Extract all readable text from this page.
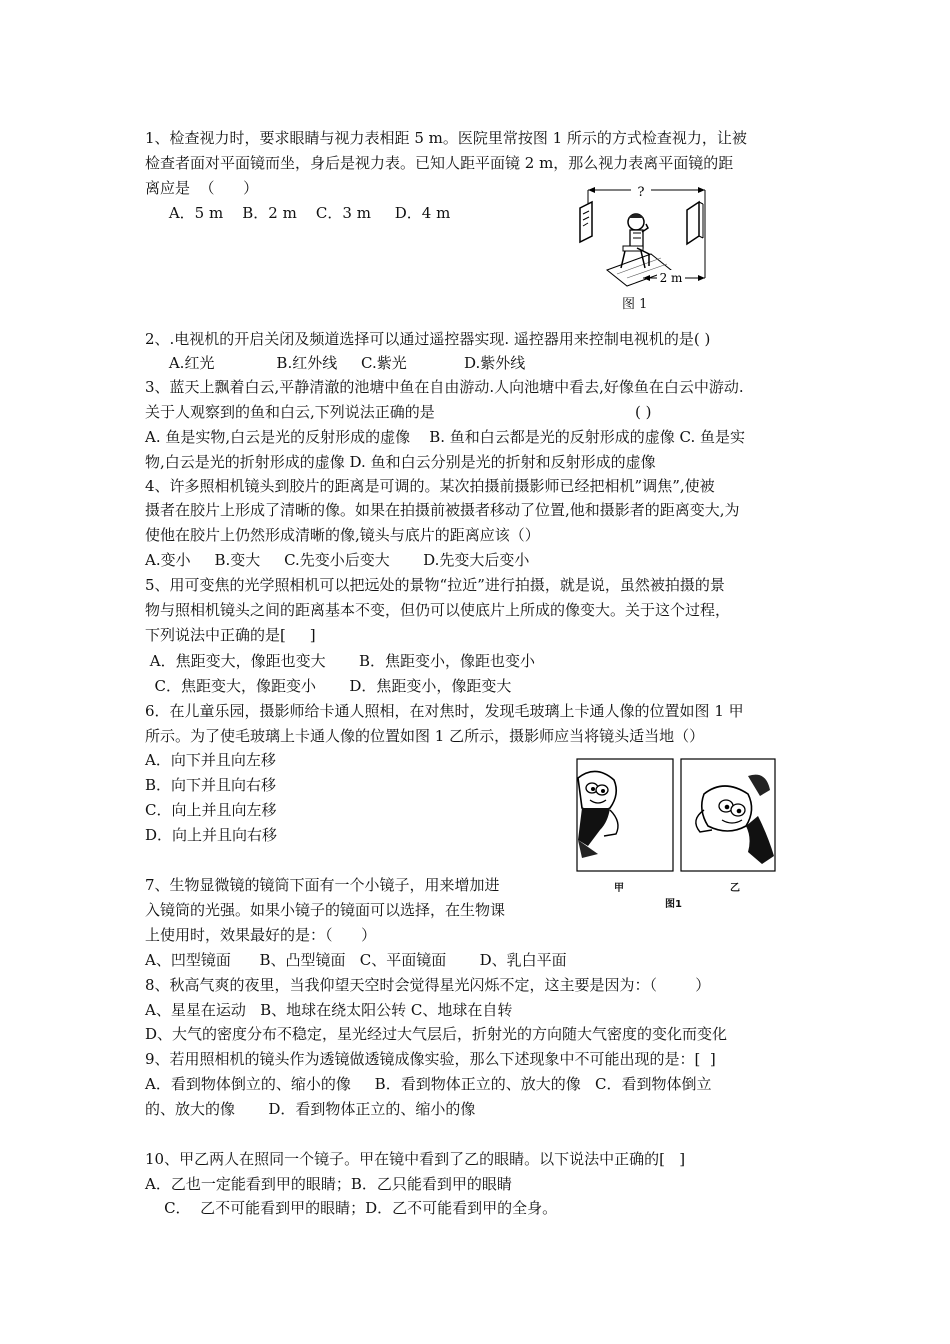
1、检查视力时，要求眼睛与视力表相距 5 m。医院里常按图 1 所示的方式检查视力，让被
检查者面对平面镜而坐，身后是视力表。已知人距平面镜 2 m，那么视力表离平面镜的距
离应是  （      ）
A．5 m    B．2 m    C．3 m     D．4 m
?
2 m
图 1
2、.电视机的开启关闭及频道选择可以通过遥控器实现. 遥控器用来控制电视机的是( )
A.红光             B.红外线     C.紫光            D.紫外线
3、蓝天上飘着白云,平静清澈的池塘中鱼在自由游动.人向池塘中看去,好像鱼在白云中游动.
关于人观察到的鱼和白云,下列说法正确的是                                          ( )
A. 鱼是实物,白云是光的反射形成的虚像    B. 鱼和白云都是光的反射形成的虚像 C. 鱼是实
物,白云是光的折射形成的虚像 D. 鱼和白云分别是光的折射和反射形成的虚像
4、许多照相机镜头到胶片的距离是可调的。某次拍摄前摄影师已经把相机”调焦”,使被
摄者在胶片上形成了清晰的像。如果在拍摄前被摄者移动了位置,他和摄影者的距离变大,为
使他在胶片上仍然形成清晰的像,镜头与底片的距离应该（）
A.变小     B.变大     C.先变小后变大       D.先变大后变小
5、用可变焦的光学照相机可以把远处的景物“拉近”进行拍摄，就是说，虽然被拍摄的景
物与照相机镜头之间的距离基本不变，但仍可以使底片上所成的像变大。关于这个过程，
下列说法中正确的是[     ]
A．焦距变大，像距也变大       B．焦距变小，像距也变小
C．焦距变大，像距变小       D．焦距变小，像距变大
6．在儿童乐园，摄影师给卡通人照相，在对焦时，发现毛玻璃上卡通人像的位置如图 1 甲
所示。为了使毛玻璃上卡通人像的位置如图 1 乙所示，摄影师应当将镜头适当地（）
A．向下并且向左移
B．向下并且向右移
C．向上并且向左移
D．向上并且向右移
甲	乙
图1
7、生物显微镜的镜筒下面有一个小镜子，用来增加进
入镜筒的光强。如果小镜子的镜面可以选择，在生物课
上使用时，效果最好的是：（      ）
A、凹型镜面      B、凸型镜面   C、平面镜面       D、乳白平面
8、秋高气爽的夜里，当我仰望天空时会觉得星光闪烁不定，这主要是因为：（        ）
A、星星在运动   B、地球在绕太阳公转 C、地球在自转
D、大气的密度分布不稳定，星光经过大气层后，折射光的方向随大气密度的变化而变化
9、若用照相机的镜头作为透镜做透镜成像实验，那么下述现象中不可能出现的是：[  ]
A．看到物体倒立的、缩小的像     B．看到物体正立的、放大的像   C．看到物体倒立
的、放大的像       D．看到物体正立的、缩小的像
10、甲乙两人在照同一个镜子。甲在镜中看到了乙的眼睛。以下说法中正确的[   ]
A．乙也一定能看到甲的眼睛；B．乙只能看到甲的眼睛
C．  乙不可能看到甲的眼睛；D．乙不可能看到甲的全身。
